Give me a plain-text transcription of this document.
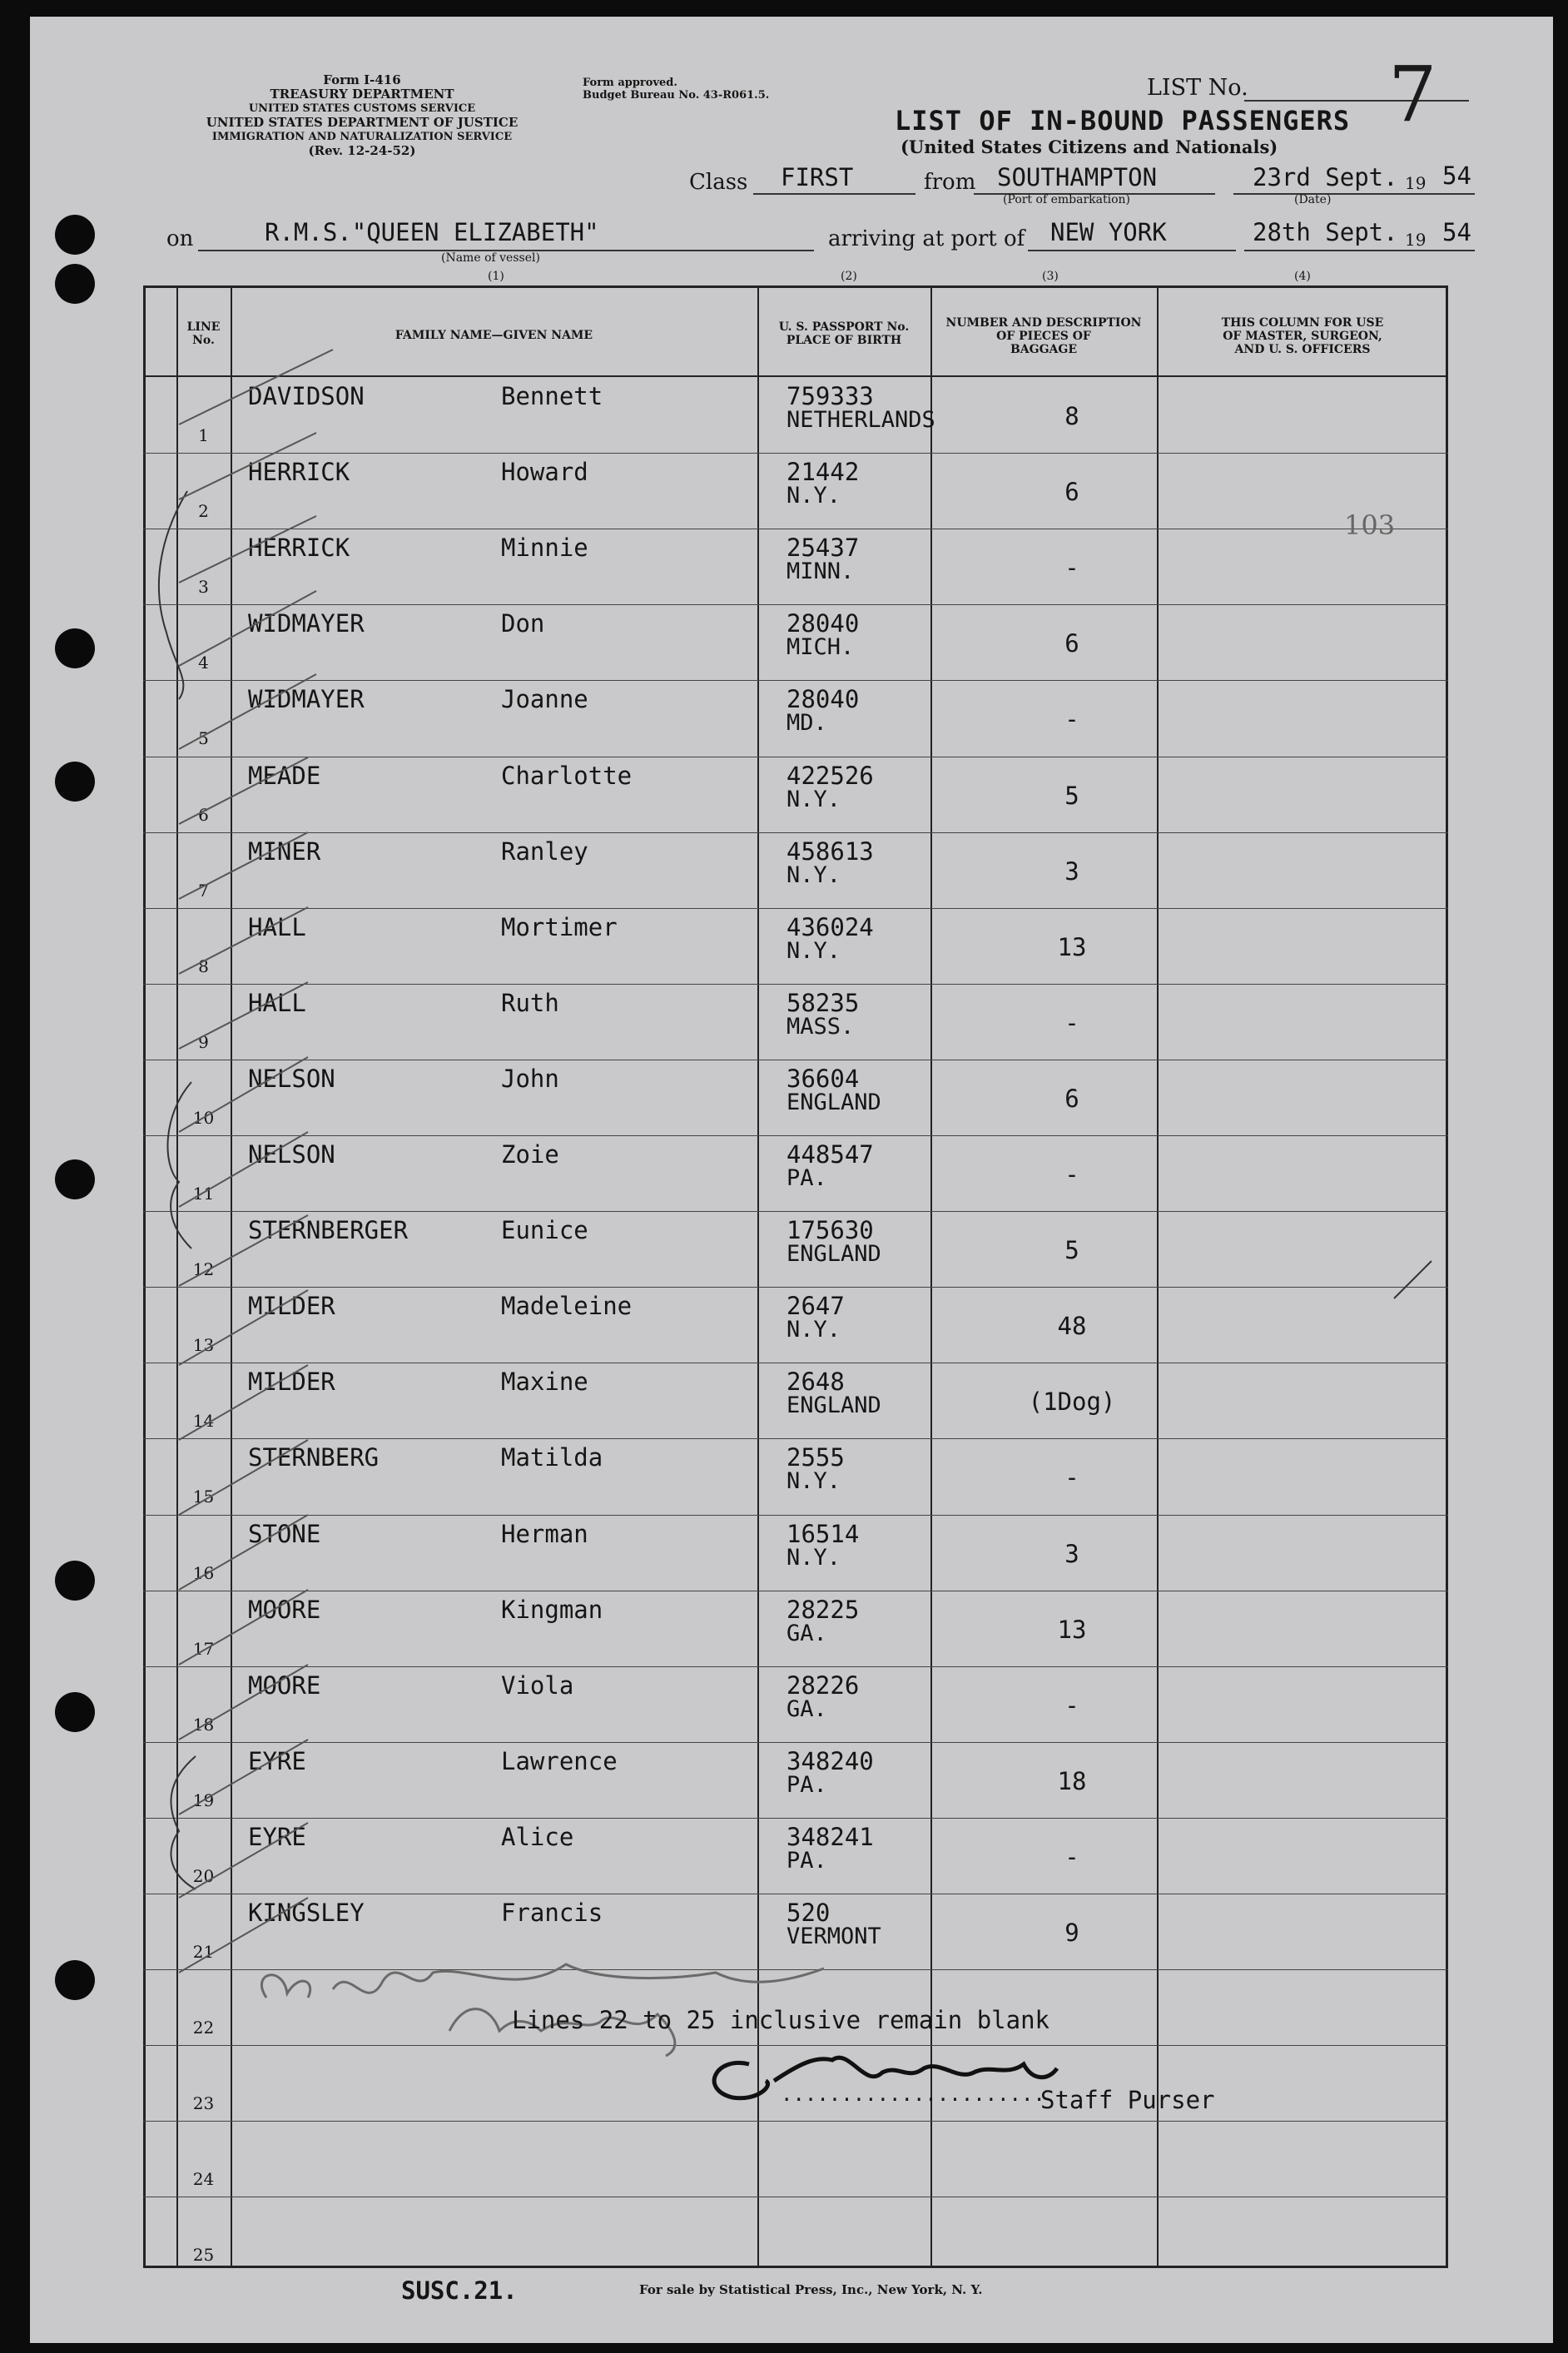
Form I-416
TREASURY DEPARTMENT
UNITED STATES CUSTOMS SERVICE
UNITED STATES DEPARTMENT OF JUSTICE
IMMIGRATION AND NATURALIZATION SERVICE
(Rev. 12-24-52)
Form approved.
Budget Bureau No. 43-R061.5.	LIST No. 7
LIST OF IN-BOUND PASSENGERS
(United States Citizens and Nationals)
Class FIRST	from SOUTHAMPTON
(Port of embarkation)
23rd Sept. 19 54
(Date)
on	R.M.S."QUEEN ELIZABETH"
(Name of vessel)
arriving at port of NEW YORK	28th Sept. 19 54
(1)	(2)	(3)	(4)
LINE
No.	FAMILY NAME—GIVEN NAME
U. S. PASSPORT No.
PLACE OF BIRTH
NUMBER AND DESCRIPTION
OF PIECES OF
BAGGAGE
THIS COLUMN FOR USE
OF MASTER, SURGEON,
AND U. S. OFFICERS
1
DAVIDSON	Bennett	759333
NETHERLANDS	8
2
HERRICK	Howard	21442
N.Y.	6
3
HERRICK	Minnie	25437
MINN.	-
4
WIDMAYER	Don	28040
MICH.	6
5
WIDMAYER	Joanne	28040
MD.	-
6
MEADE	Charlotte	422526
N.Y.	5
7
MINER	Ranley	458613
N.Y.	3
8
HALL	Mortimer	436024
N.Y.	13
9
HALL	Ruth	58235
MASS.	-
10
NELSON	John	36604
ENGLAND	6
11
NELSON	Zoie	448547
PA.	-
12
STERNBERGER	Eunice	175630
ENGLAND	5
13
MILDER	Madeleine	2647
N.Y.	48
14
MILDER	Maxine	2648
ENGLAND	(1Dog)
15
STERNBERG	Matilda	2555
N.Y.	-
16
STONE	Herman	16514
N.Y.	3
17
MOORE	Kingman	28225
GA.	13
18
MOORE	Viola	28226
GA.	-
19
EYRE	Lawrence	348240
PA.	18
20
EYRE	Alice	348241
PA.	-
21
KINGSLEY	Francis	520
VERMONT	9
22
23
24
25
103
Lines 22 to 25 inclusive remain blank
......................
Staff Purser
SUSC.21.	For sale by Statistical Press, Inc., New York, N. Y.
